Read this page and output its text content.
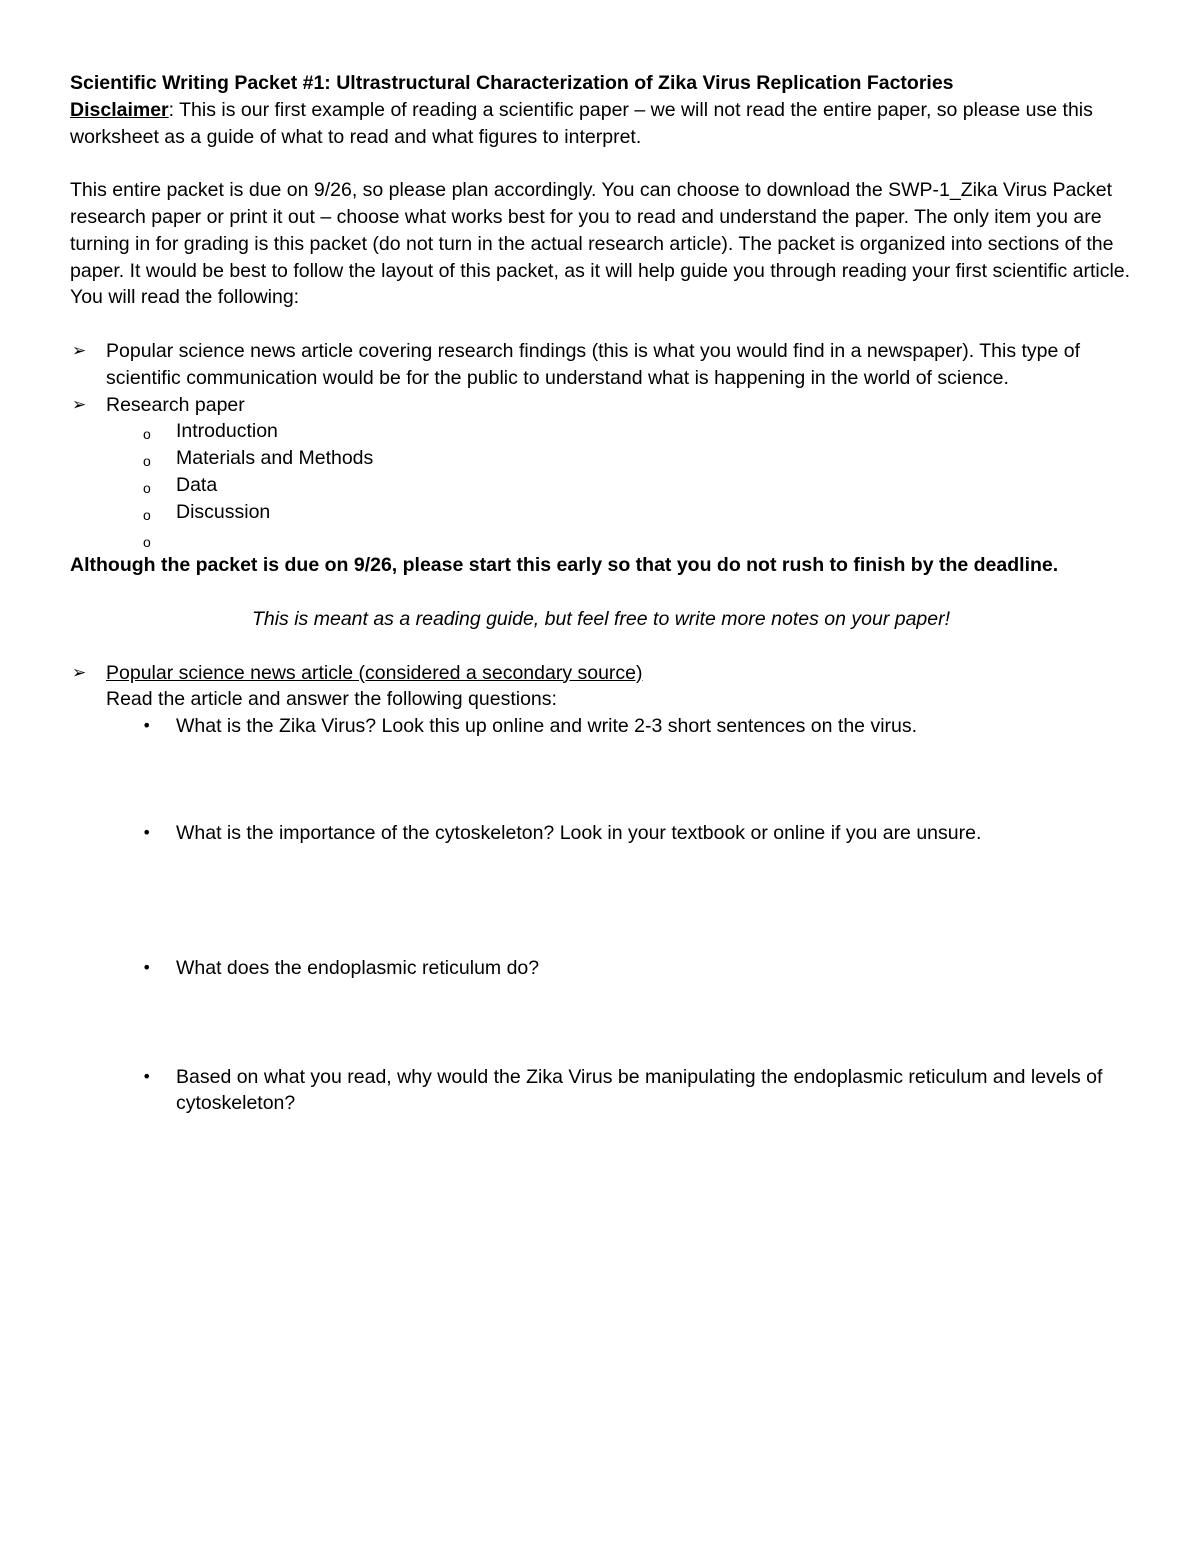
Scientific Writing Packet #1: Ultrastructural Characterization of Zika Virus Replication Factories

Disclaimer: This is our first example of reading a scientific paper – we will not read the entire paper, so please use this worksheet as a guide of what to read and what figures to interpret.

This entire packet is due on 9/26, so please plan accordingly. You can choose to download the SWP-1_Zika Virus Packet research paper or print it out – choose what works best for you to read and understand the paper. The only item you are turning in for grading is this packet (do not turn in the actual research article). The packet is organized into sections of the paper. It would be best to follow the layout of this packet, as it will help guide you through reading your first scientific article. You will read the following:

➢ Popular science news article covering research findings (this is what you would find in a newspaper). This type of scientific communication would be for the public to understand what is happening in the world of science.
➢ Research paper
o Introduction
o Materials and Methods
o Data
o Discussion
o

Although the packet is due on 9/26, please start this early so that you do not rush to finish by the deadline.

This is meant as a reading guide, but feel free to write more notes on your paper!

➢ Popular science news article (considered a secondary source)

Read the article and answer the following questions:

• What is the Zika Virus? Look this up online and write 2-3 short sentences on the virus.
• What is the importance of the cytoskeleton? Look in your textbook or online if you are unsure.
• What does the endoplasmic reticulum do?
• Based on what you read, why would the Zika Virus be manipulating the endoplasmic reticulum and levels of cytoskeleton?
